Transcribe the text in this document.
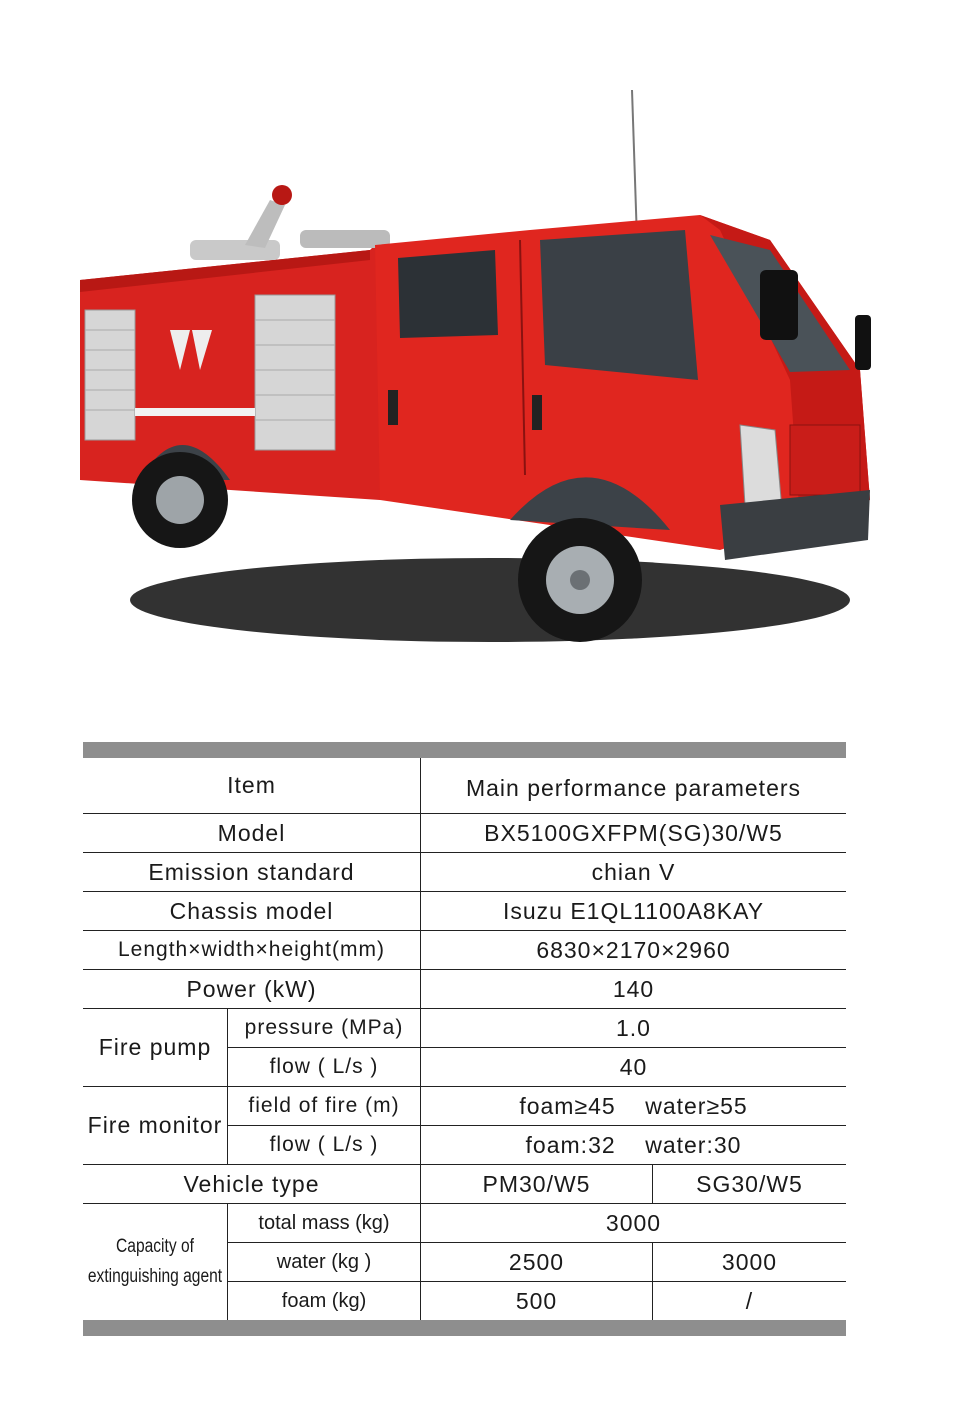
Item	Main performance parameters
Model	BX5100GXFPM(SG)30/W5
Emission standard	chian V
Chassis model	Isuzu E1QL1100A8KAY
Length×width×height(mm)	6830×2170×2960
Power (kW)	140
Fire pump
pressure (MPa)	1.0
flow ( L/s )	40
Fire monitor
field of fire (m)	foam≥45    water≥55
flow ( L/s )	foam:32    water:30
Vehicle type	PM30/W5	SG30/W5
Capacity of
extinguishing agent
total mass (kg)	3000
water (kg )	2500	3000
foam (kg)	500	/
